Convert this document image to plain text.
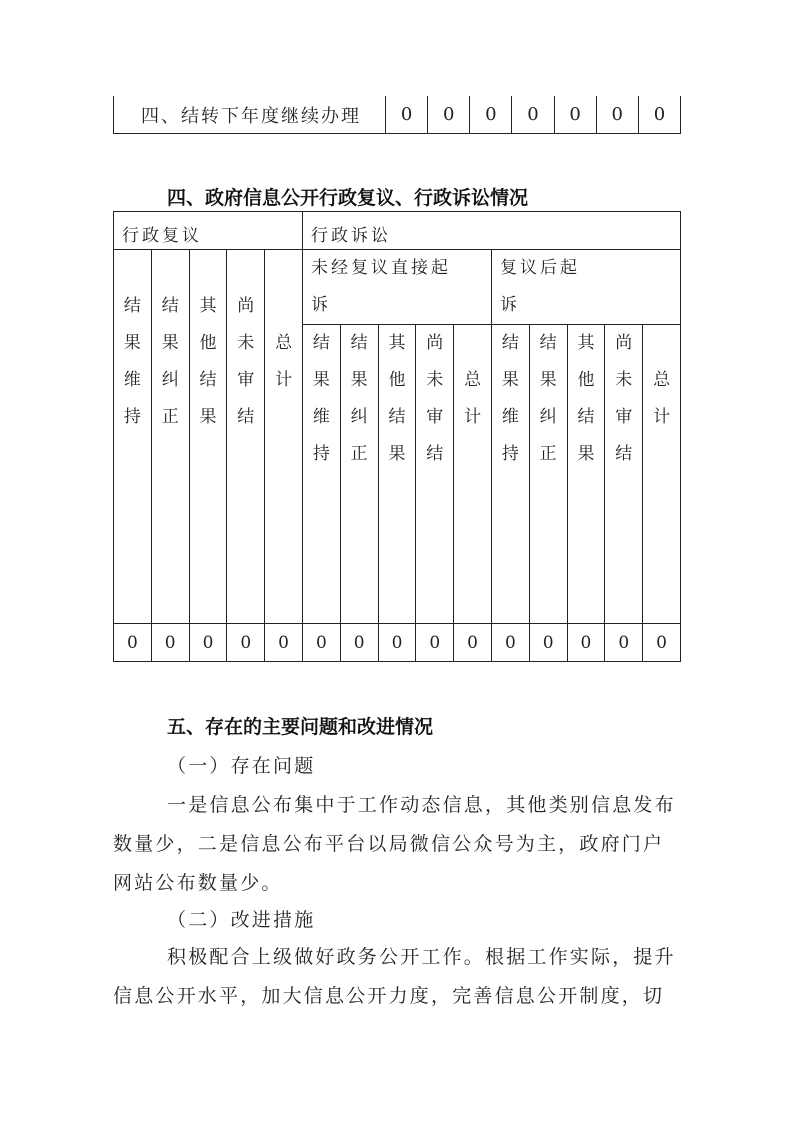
四、结转下年度继续办理	0	0	0	0	0	0	0
四、政府信息公开行政复议、行政诉讼情况
行政复议					行政诉讼									

结果维持	结果纠正	其他结果	尚未审结	总计	未经复议直接起诉					复议后起诉				

					结果维持	结果纠正	其他结果	尚未审结	总计	结果维持	结果纠正	其他结果	尚未审结	总计

0	0	0	0	0	0	0	0	0	0	0	0	0	0	0
五、存在的主要问题和改进情况
（一）存在问题
一是信息公布集中于工作动态信息，其他类别信息发布
数量少，二是信息公布平台以局微信公众号为主，政府门户
网站公布数量少。
（二）改进措施
积极配合上级做好政务公开工作。根据工作实际，提升
信息公开水平，加大信息公开力度，完善信息公开制度，切
